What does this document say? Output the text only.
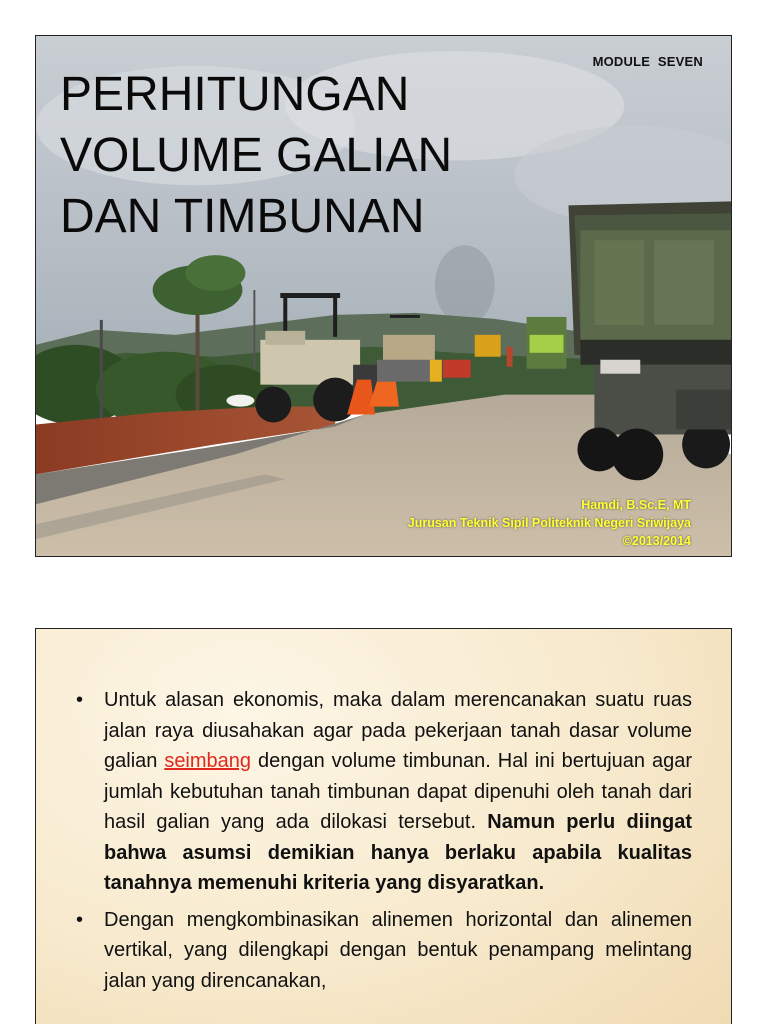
MODULE SEVEN
PERHITUNGAN
VOLUME GALIAN
DAN TIMBUNAN
Hamdi, B.Sc.E, MT
Jurusan Teknik Sipil Politeknik Negeri Sriwijaya
©2013/2014
• Untuk alasan ekonomis, maka dalam merencanakan suatu ruas jalan raya diusahakan agar pada pekerjaan tanah dasar volume galian seimbang dengan volume timbunan. Hal ini bertujuan agar jumlah kebutuhan tanah timbunan dapat dipenuhi oleh tanah dari hasil galian yang ada dilokasi tersebut. Namun perlu diingat bahwa asumsi demikian hanya berlaku apabila kualitas tanahnya memenuhi kriteria yang disyaratkan.
• Dengan mengkombinasikan alinemen horizontal dan alinemen vertikal, yang dilengkapi dengan bentuk penampang melintang jalan yang direncanakan,
